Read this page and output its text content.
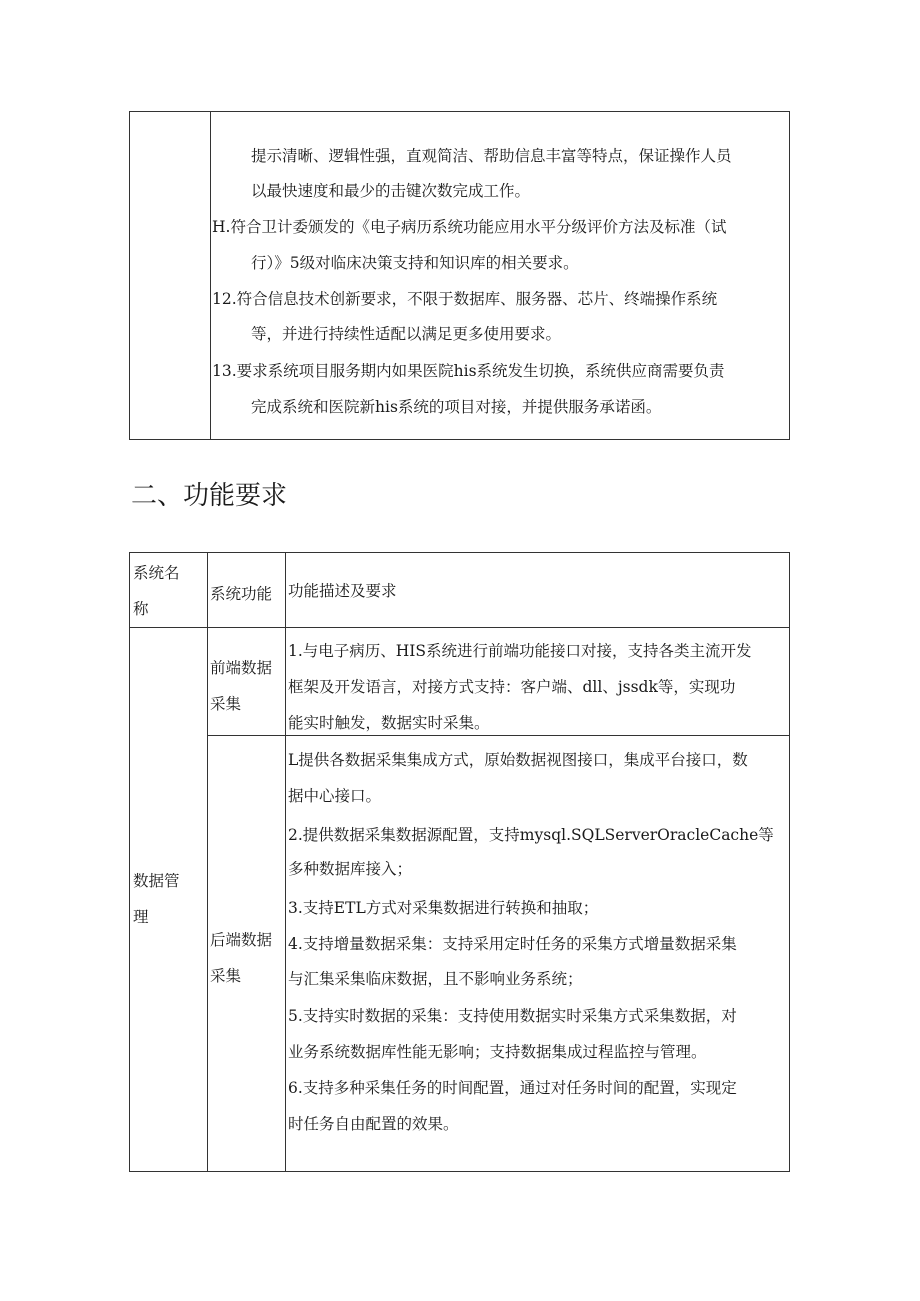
提示清晰、逻辑性强，直观简洁、帮助信息丰富等特点，保证操作人员
以最快速度和最少的击键次数完成工作。
H.符合卫计委颁发的《电子病历系统功能应用水平分级评价方法及标准（试
行）》5级对临床决策支持和知识库的相关要求。
12.符合信息技术创新要求，不限于数据库、服务器、芯片、终端操作系统
等，并进行持续性适配以满足更多使用要求。
13.要求系统项目服务期内如果医院his系统发生切换，系统供应商需要负责
完成系统和医院新his系统的项目对接，并提供服务承诺函。
二、功能要求
系统名
称
系统功能 功能描述及要求
数据管
理
前端数据
采集
1.与电子病历、HIS系统进行前端功能接口对接，支持各类主流开发
框架及开发语言，对接方式支持：客户端、dll、jssdk等，实现功
能实时触发，数据实时采集。
后端数据
采集
L提供各数据采集集成方式，原始数据视图接口，集成平台接口，数
据中心接口。
2.提供数据采集数据源配置，支持mysql.SQLServerOracleCache等
多种数据库接入；
3.支持ETL方式对采集数据进行转换和抽取；
4.支持增量数据采集：支持采用定时任务的采集方式增量数据采集
与汇集采集临床数据，且不影响业务系统；
5.支持实时数据的采集：支持使用数据实时采集方式采集数据，对
业务系统数据库性能无影响；支持数据集成过程监控与管理。
6.支持多种采集任务的时间配置，通过对任务时间的配置，实现定
时任务自由配置的效果。
